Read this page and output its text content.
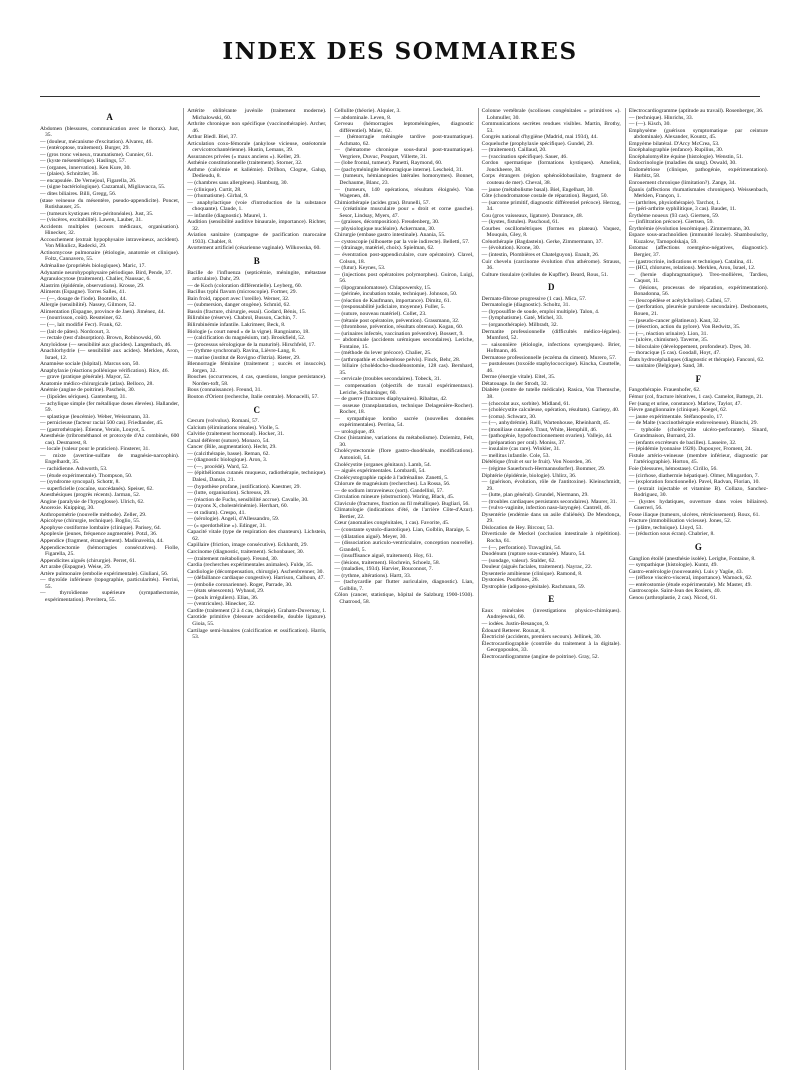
INDEX DES SOMMAIRES

A

Abdomen (blessures, communication avec le thorax). Just, 35.

— (douleur, mécanisme d'excitation). Alvarez, 46.

— (entéroptose, traitement). Burger, 29.

— (gros tronc veineux, traumatisme). Cunnier, 61.

— (kyste mésentérique). Haslings, 57.

— (organes, innervation). Ken Kure, 30.

— (plaies). Schnitzler, 36.

— encapsulée. De Vernejoul, Figarella, 26.

— (signe bactériologique). Cazzamali, Migliavacca, 55.

— dites biliaires. Billi, Gregg, 56.

(stase veineuse du mésentère, pseudo-appendicite). Poncet, Rutishauser, 25.

— (tumeurs kystiques rétro-péritonéales). Just, 35.

— (viscères, excitabilité). Lawen, Lauber, 31.

Accidents multiples (secours médicaux, organisation). Hinecker, 32.

Accouchement (extrait hypophysaire intraveineux, accident). Von Mikulicz, Radecki, 29.

Actinomycose pulmonaire (étiologie, anatomie et clinique). Foltz, Cannavero, 55.

Adrénaline (propriétés biologiques). Maric, 17.

Adynamie neurohypophysaire périodique. Bird, Pende, 37.

Agranulocytose (traitement). Chalier, Naussac, 6.

Alastrim (épidémie, observations). Krosse, 29.

Aliments (Espagne). Torres Salles, 41.

— (—, dosage de l'iode). Bootello, 44.

Allergie (sensibilité). Nassey, Gilmore, 52.

Alimentation (Espagne, province de Jaen). Jiménez, 44.

— (nourrisson, coût). Ressteiner, 62.

— (—, lait modifié Fecr). Frank, 62.

— (lait de pâtes). Nordcourt, 3.

— rectale (test d'absorption). Brown, Robinowski, 60.

Amyloïdose (— sensibilité aux glucides). Langenbach, 46.

Anachlorhydrie (— sensibilité aux acides). Merklen, Aron, Israel, 12.

Anamnèse sociale (hôpital). Marcus son, 50.

Anaphylaxie (réactions pollénique vérification). Rice, 46.

— grave (pratique générale). Mayor, 52.

Anatomie médico-chirurgicale (atlas). Belloco, 28.

Anémie (angine de poitrine). Pascheis, 30.

— (lipoïdes sériques). Gantenberg, 31.

— achylique simple (fer métallique doses élevées). Hallander, 59.

— splastique (leucémie). Weber, Weissmann, 33.

— pernicieuse (facteur racial 500 cas). Friedlander, 45.

— (gastrothérapie). Étienne, Verain, Louyot, 5.

Anesthésie (tribrométhanol et protoxyde d'Az combinés, 600 cas). Desmarest, 8.

— locale (valeur pour le praticien). Finsterer, 31.

— mixte (avertine-sulfate de magnésie-narcophin). Engelhardt, 35.

— rachidienne. Ashworth, 53.

— (étude expérimentale). Thompson, 50.

— (syndrome syncopal). Schottr, 8.

— superficielle (cocaïne, succédanés). Speiser, 62.

Anesthésiques (progrès récents). Jarman, 52.

Angine (paralysie de l'hypoglosse). Ulrich, 62.

Anorexie. Knipping, 30.

Anthropométrie (nouvelle méthode). Zeller, 29.

Apicolyse (chirurgie, technique). Boglio, 55.

Apophyse costiforme lombaire (clinique). Parisey, 64.

Apoplexie (jeunes, fréquence augmentée). Potzl, 36.

Appendice (fragment, étranglement). Madinaveitia, 44.

Appendicectomie (hémorragies consécutives). Fiolle, Figarella, 25.

Appendicites aiguës (chirurgie). Perret, 61.

Art arabe (Espagne). Weise, 29.

Artère pulmonaire (embolie expérimentale). Giuliani, 56.

— thyroïde inférieure (topographie, particularités). Ferrini, 55.

— thyroïdienne supérieure (sympathectomie, expérimentation). Previtera, 55.

Artérite oblitérante juvénile (traitement moderne). Michalowski, 60.

Arthrite chronique non spécifique (vaccinothérapie). Archer, 46.

Arthur Biedl. Biel, 37.

Articulation coxo-fémorale (ankylose vicieuse, ostéotomie cervicotrochantérienne). Hustin, Lemans, 39.

Assurances privées (« maux anciens »). Keller, 29.

Asthénie constitutionnelle (traitement). Storner, 32.

Asthme (calcémie et kaliémie). Drilhon, Clogne, Galup, Dedieudu, 8.

— (chambres sans allergènes). Hamburg, 30.

— (clinique). Curtit, 28.

— (rhumatisme). Girbal, 9.

— anaphylactique (voie d'introduction de la substance choquante). Claude, 1.

— infantile (diagnostic). Maurel, 1.

Audition (sensibilité auditive binaurale, importance). Richter, 32.

Aviation sanitaire (campagne de pacification marocaine 1933). Chablet, 8.

Avortement artificiel (césarienne vaginale). Wilkowska, 60.

B

Bacille de l'influenza (septicémie, méningite, métastase articulaire). Dahr, 29.

— de Koch (coloration différentielle). Leyberg, 60.

Bacillus typhi flavum (microscopie). Fortner, 29.

Bain froid, rapport avec l'oreille). Werner, 32.

— (submersion, danger otogène). Schmid, 62.

Bassin (fracture, chirurgie, essai). Godard, Bénis, 15.

Bilirubine (réserve). Chabrol, Busson, Cachin, 7.

Bilirubinémie infantile. Lakrimeer, Beck, 8.

Biologie (« court nœud » de la vigne). Rangniamo, 18.

— (calcification du magnésium, rat). Brookfield, 52.

— (processus sérologique de la maturité). Hirschfeld, 17.

— (rythme synchronal). Ravina, Lièvre-Lang, 8.

— marine (institut de Rovigno d'Istria). Rieter, 29.

Blennorragie féminine (traitement ; succès et insuccès). Jorgen, 32.

Bouches (occurrences, 4 cas, questions, longue persistance). Norden-toft, 58.

Bous (connaissance). Freund, 31.

Bouton d'Orient (recherche, Italie centrale). Monacelli, 57.

C

Cæcum (volvulus). Romani, 57.

Calcium (éliminations rénales). Violle, 5.

Calvitie (traitement hormonal). Hocker, 31.

Canal déférent (suture). Monaco, 54.

Cancer (Bile, augmentation). Hecht, 29.

— (calcithérapie, basse). Reman, 62.

— (diagnostic biologique). Aron, 3.

— (—, procédé). Ward, 52.

— (épithéliomas cutanés muqueux, radiothérapie, technique). Dalesi, Dansin, 21.

— (hypothèse profane, justification). Kaestner, 29.

— (lutte, organisation). Schreuss, 29.

— (réaction de Fuchs, sensibilité accrue). Cavalle, 30.

— (rayons X, cholestérinémie). Herrhart, 60.

— et radium). Crespo, 41.

— (sérologie). Angeli, d'Allessandro, 59.

— (« sperdothéline »). Edinger, 31.

Capacité vitale (type de respiration des chanteurs). Lichstein, 62.

Capillaire (friction, image consécutive). Eckhardt, 29.

Carcinome (diagnostic, traitement). Schonbauer, 30.

— (traitement métabolique). Freund, 30.

Cardia (recherches expérimentales animales). Fulde, 35.

Cardiologie (décompensation, chirurgie). Aschenbrenner, 30.

— (défaillance cardiaque congestive). Harrison, Calhoun, 47.

— (embolie coronarienne). Roger, Parrade, 30.

— (états sénescents). Wybaud, 29.

— (pouls irréguliers). Elias, 36.

— (ventricules). Hinecker, 32.

Cardite (traitement (2 à 4 cas, thérapie). Graham-Duvernay, 1.

Carotide primitive (blessure accidentelle, double ligature). Gioia, 55.

Cartilage semi-lunaires (calcification et ossification). Harris, 53.

Cellulite (théorie). Alquier, 3.

— abdominale. Leven, 8.

Cerveau (hémorragies leptoméningées, diagnostic différentiel). Maier, 62.

— (hémorragie méningée tardive post-traumatique). Achmato, 62.

— (hématome chronique sous-dural post-traumatique). Vergriere, Duvuc, Poupart, Villerte, 31.

— (lobe frontal, tumeur). Panetti, Raymond, 60.

— (pachyméningite hémorragique interne). Lescheid, 31.

— (tumeurs, hémianopsies latérales homonymes). Bonnet, Dechaume, Blanc, 23.

— (tumeurs, 140 opérations, résultats éloignés). Van Wagenen, 48.

Chimiothérapie (acides gras). Brunelli, 57.

— (créatinine musculaire pour « droit et corne gauche). Sesor, Lindsay, Myers, 47.

— (graisses, décomposition). Freudenberg, 30.

— physiologique nucléaire). Ackermann, 30.

Chirurgie (embase gastro intestinale). Anania, 55.

— cystoscopie (silhouette par la voie indirecte). Belletti, 57.

— (drainage, matériel, choix). Spielman, 62.

— éventration post-appendiculaire, cure opératoire). Clavel, Colson, 18.

— (futur). Keynes, 53.

— (injections post opératoires polymorphes). Guiron, Luigi, 56.

— (lipogranulomatose). Chlapowersky, 15.

— (périnée, incubation totale, technique). Johnson, 50.

— (réaction de Kaufmann, importance). Dimitz, 61.

— (responsabilité judiciaire, moyenne). Fuller, 5.

— (suture, nouveau matériel). Collet, 23.

— (tétanie post opératoire, prévention). Grassmann, 32.

— (thrombose, prévention, résultats obtenus). Kogan, 60.

— (urinaires infectés, vaccination préventive). Bossert, 9.

— abdominale (accidents urémiques secondaires). Leriche, Fontaine, 15.

— (méthode du lever précoce). Chalier, 25.

— (arthropathie et cholestérose pelvis). Finck, Behr, 28.

— biliaire (cholédocho-duodénostomie, 128 cas). Bernhard, 35.

— cervicale (troubles secondaires). Tobeck, 31.

— compensation (objectifs de travail expérimentaux). Leriche, Schnitsinger, 60.

— de guerre (fractures diaphysaires). Ribaltas, 42.

— osseuse (transplantation, technique Delagenière-Rocher). Rocher, 18.

— sympathique lombo sacrée (nouvelles données expérimentales). Perrina, 54.

— urologique, 49.

Choc (histamine, variations du métabolisme). Dziemitz, Felt, 30.

Cholécystectomie (flore gastro-duodénale, modifications). Antonioli, 54.

Cholécystite (organes génitaux). Lamb, 54.

— aiguës expérimentales. Lombardi, 54.

Cholécystographie rapide à l'adrénaline. Zanetti, 5.

Chlorure de magnésium (recherches). La Rossa, 56.

— de sodium intraveineux (sort). Gandellini, 57.

Circulation mineure (obstruction). Waring, Black, 45.

Clavicule (fractures, fraction au fil métallique). Bugliari, 56.

Climatologie (indications d'été, de l'arrière Côte-d'Azur). Bertier, 22.

Cœur (anomalies congénitales, 1 cas). Favorite, 45.

— (constante systolo-diastolique). Lian, Golblin, Baraige, 5.

— (dilatation aiguë). Meyer, 30.

— (dissociation auriculo-ventriculaire, conception nouvelle). Grandell, 5.

— (insuffisance aiguë, traitement). Hoy, 61.

— (lésions, traitement). Hochrein, Schoelz, 58.

— (maladies, 1934). Harvier, Bouconnot, 7.

— (rythme, altérations). Hartt, 33.

— (tachycardie par flutter auriculaire, diagnostic). Lian, Golblin, 7.

Côlon (cancer, statistique, hôpital de Salzburg 1900-1930). Chatrood, 58.

Colonne vertébrale (scolioses congénitales « primitives »). Lohmuller, 30.

Communications secrètes rendues visibles. Martin, Brothy, 53.

Congrès national d'hygiène (Madrid, mai 1934), 44.

Coqueluche (prophylaxie spécifique). Gundel, 29.

— (traitement). Caillaud, 20.

— (vaccination spécifique). Sauer, 46.

Cordon spermatique (formations kystiques). Amelink, Jonckheere, 38.

Corps étrangers (région sphénoïdobasilaire, fragment de couteau de mer). Cheval, 38.

— jaune (métabolisme basal). Biel, Engelhart, 30.

Côte (chondromatose costale de réparation). Regard, 50.

— (sarcome primitif, diagnostic différentiel précoce). Herzog, 34.

Cou (gros vaisseaux, ligature). Donrance, 48.

— (kystes, fistules). Paschoud, 61.

Courbes oscillométriques (formes en plateau). Vaquez, Mouquin, Gley, 8.

Crénothérapie (Bagdastein). Gerke, Zimmermann, 37.

— (évolution). Krone, 30.

— (intestin, Plombières et Chatelguyon). Enault, 26.

Cuir chevelu (carcinome évolution d'un athérome). Strauss, 36.

Culture tissulaire (cellules de Kupffer). Beard, Rous, 51.

D

Dermato-fibrose progressive (1 cas). Mica, 57.

Dermatologie (diagnostic). Scholtz, 31.

— (hyposulfite de soude, emploi multiple). Talon, 4.

— (lymphatisme). Gaté, Michel, 33.

— (organothérapie). Milbradt, 32.

Dermatite professionnelle (difficultés médico-légales). Mumford, 52.

— saisonnière (étiologie, infections synergiques). Brier, Hofmann, 46.

Dermatose professionnelle (eczéma du ciment). Murero, 57.

— pustuleuses (toxoïde staphylococcique). Kincka, Couttelle, 46.

Derme (énergie vitale). Eitel, 35.

Détatouage. In der Strodt, 32.

Diabète (centre de tutelle médicale). Rasica, Van Themsche, 38.

— (chocolat aux, sorbite). Midland, 61.

— (cholécystite calculeuse, opération, résultats). Gariepy, 40.

— (coma). Schwarz, 30.

— (—, anhydrémie). Ralli, Wartenhouse, Rheinhardt, 45.

— (moniliase cutanée). Traut, White, Hemphill, 46.

— (pathogénie, hypofonctionnement ovarien). Vallejo, 44.

— (préparation per oral). Moniss, 37.

— insulaire (cas rare). Winkler, 31.

— mellitus infantile. Cole, 53.

Diététique (fruit et sur le fruit). Von Noorden, 36.

— (régime Sauerbruch-Hermannsdorfer). Bommer, 29.

Diphtérie (épidémie, biologie). Uhlirz, 36.

— (guérison, évolution, rôle de l'antitoxine). Kleinschmidt, 29.

— (lutte, plan général). Grundel, Niermann, 29.

— (troubles cardiaques persistants secondaires). Maurer, 31.

— (vulvo-vaginite, infection naso-laryngée). Cantrell, 46.

Dysentérie (endémie dans un asile d'aliénés). De Mendonça, 29.

Dislocation de Hey. Bircour, 53.

Diverticule de Meckel (occlusion intestinale à répétition). Rocha, 61.

— (—, perforation). Travaglini, 54.

Duodénum (rupture sous-cutanée). Mauro, 54.

— (sondage, valeur). Stalder, 62.

Douleur (aiguës faciales, traitement). Nayrac, 22.

Dysenterie amibienne (clinique). Ramond, 8.

Dystonies. Pourbines, 26.

Dystrophie (adiposo-génitale). Rachmann, 59.

E

Eaux minérales (investigations physico-chimiques). Andrejewski, 60.

— iodées. Justin-Besançon, 9.

Édouard Retterer. Rouxat, 8.

Électricité (accidents, premiers secours). Jellinek, 30.

Électrocardiographie (contrôle du traitement à la digitale). Georgopoulos, 33.

Électrocardiogramme (angine de poitrine). Gray, 52.

Électrocardiogramme (aptitude au travail). Rosenberger, 36.

— (technique). Hinrichs, 33.

— (—). Kisch, 30.

Emphysème (guérison symptomatique par ceinture abdominale). Alexander, Kountz, 45.

Empyème bilatéral. D'Arcy McCrea, 53.

Encéphalographie (enfance). Rupilius, 30.

Encéphalomyélite équine (histologie). Wenstin, 51.

Endocrinologie (maladies du sang). Oswald, 30.

Endométriose (clinique, pathogénie, expérimentation). Harbitz, 58.

Enrouement chronique (limitation?). Zange, 34.

Épanis (affections rhumatismales chroniques). Weissenbach, Merklen, Françon, 1.

— (arthrites, physiothérapie). Tarchot, 1.

— (péri-arthrite syphilitique, 3 cas). Baudet, 11.

Érythème noueux (93 cas). Giertsen, 59.

— (infiltration précoce). Giertsen, 59.

Érythrémie (évolution leucémique). Zimmermann, 30.

Espace sous-arachnoïdien (immunité locale). Shamboulschy, Kuzalow, Tarnopolskaja, 59.

Estomac (affections roentgéno-négatives, diagnostic). Bergier, 37.

— (gastrocrinie, indications et technique). Catalina, 41.

— (HCl, chlorures, relations). Merklen, Aron, Israel, 12.

— (hernie diaphragmatique). Treo-mollières, Tardieu, Caquot, 11.

— (lésions, processus de réparation, expérimentation). Bonadonna, 56.

— (leucopédèse et acétylcholine). Cafani, 57.

— (perforation, pleurésie purulente secondaire). Desbonnets, Rouen, 21.

— (pseudo-cancer gélatineux). Kaut, 32.

— (résection, action du pylore). Von Redwitz, 35.

— (—, réaction urinaire). Lion, 31.

— (ulcère, chimisme). Taverne, 35.

— biloculaire (développement, profondeur). Dyes, 30.

— thoracique (5 cas). Goodall, Hoyt, 47.

États hydrocéphaliques (diagnostic et thérapie). Fanconi, 62.

— sanitaire (Belgique). Sand, 38.

F

Fangothérapie. Frauenhofer, 62.

Fémur (col, fracture itératives, 1 cas). Camelot, Battegn, 21.

Fer (sang et urine, constance). Marlow, Taylor, 47.

Fièvre ganglionnaire (clinique). Koegel, 62.

— jaune expérimentale. Stéfanopoulo, 17.

— de Malte (vaccinothérapie endoveineuse). Bianchi, 29.

— typhoïde (cholécystite ulcéro-perforante). Sinard, Grandmaison, Burnard, 23.

— (enfants excréteurs de bacilles). Lasseire, 32.

— (épidémie lyonnaise 1928). Dupouyer, Froment, 24.

Fistule artério-veineuse (membre inférieur, diagnostic par l'artériographie). Horton, 45.

Foie (blessures, hémostase). Cirillo, 56.

— (cirrhose, diathermie hépatique). Olmer, Mingardon, 7.

— (exploration fonctionnelle). Pavel, Radvan, Florian, 10.

— (extrait injectable et vitamine B). Collazo, Sanchez-Rodriguez, 30.

— (kystes hydatiques, ouverture dans voies biliaires). Guerreri, 56.

Fosse iliaque (tumeurs, ulcères, rétrécissement). Roux, 61.

Fracture (immobilisation vicieuse). Jones, 52.

— (plâtre, technique). Lloyd, 53.

— (réduction sous écran). Chabrier, 8.

G

Ganglion étoilé (anesthésie isolée). Lerighe, Fontaine, 8.

— sympathique (histologie). Kuntz, 49.

Gastro-entérologie (nouveautés). Luis y Yagüe, 43.

— (réflexe viscéro-visceral, importance). Warnock, 62.

— entérostomie (étude expérimentale). Mc Master, 49.

Gastroscopie. Saint-Jean des Rosiers, 40.

Genou (arthroplastie, 2 cas). Nicod, 61.
